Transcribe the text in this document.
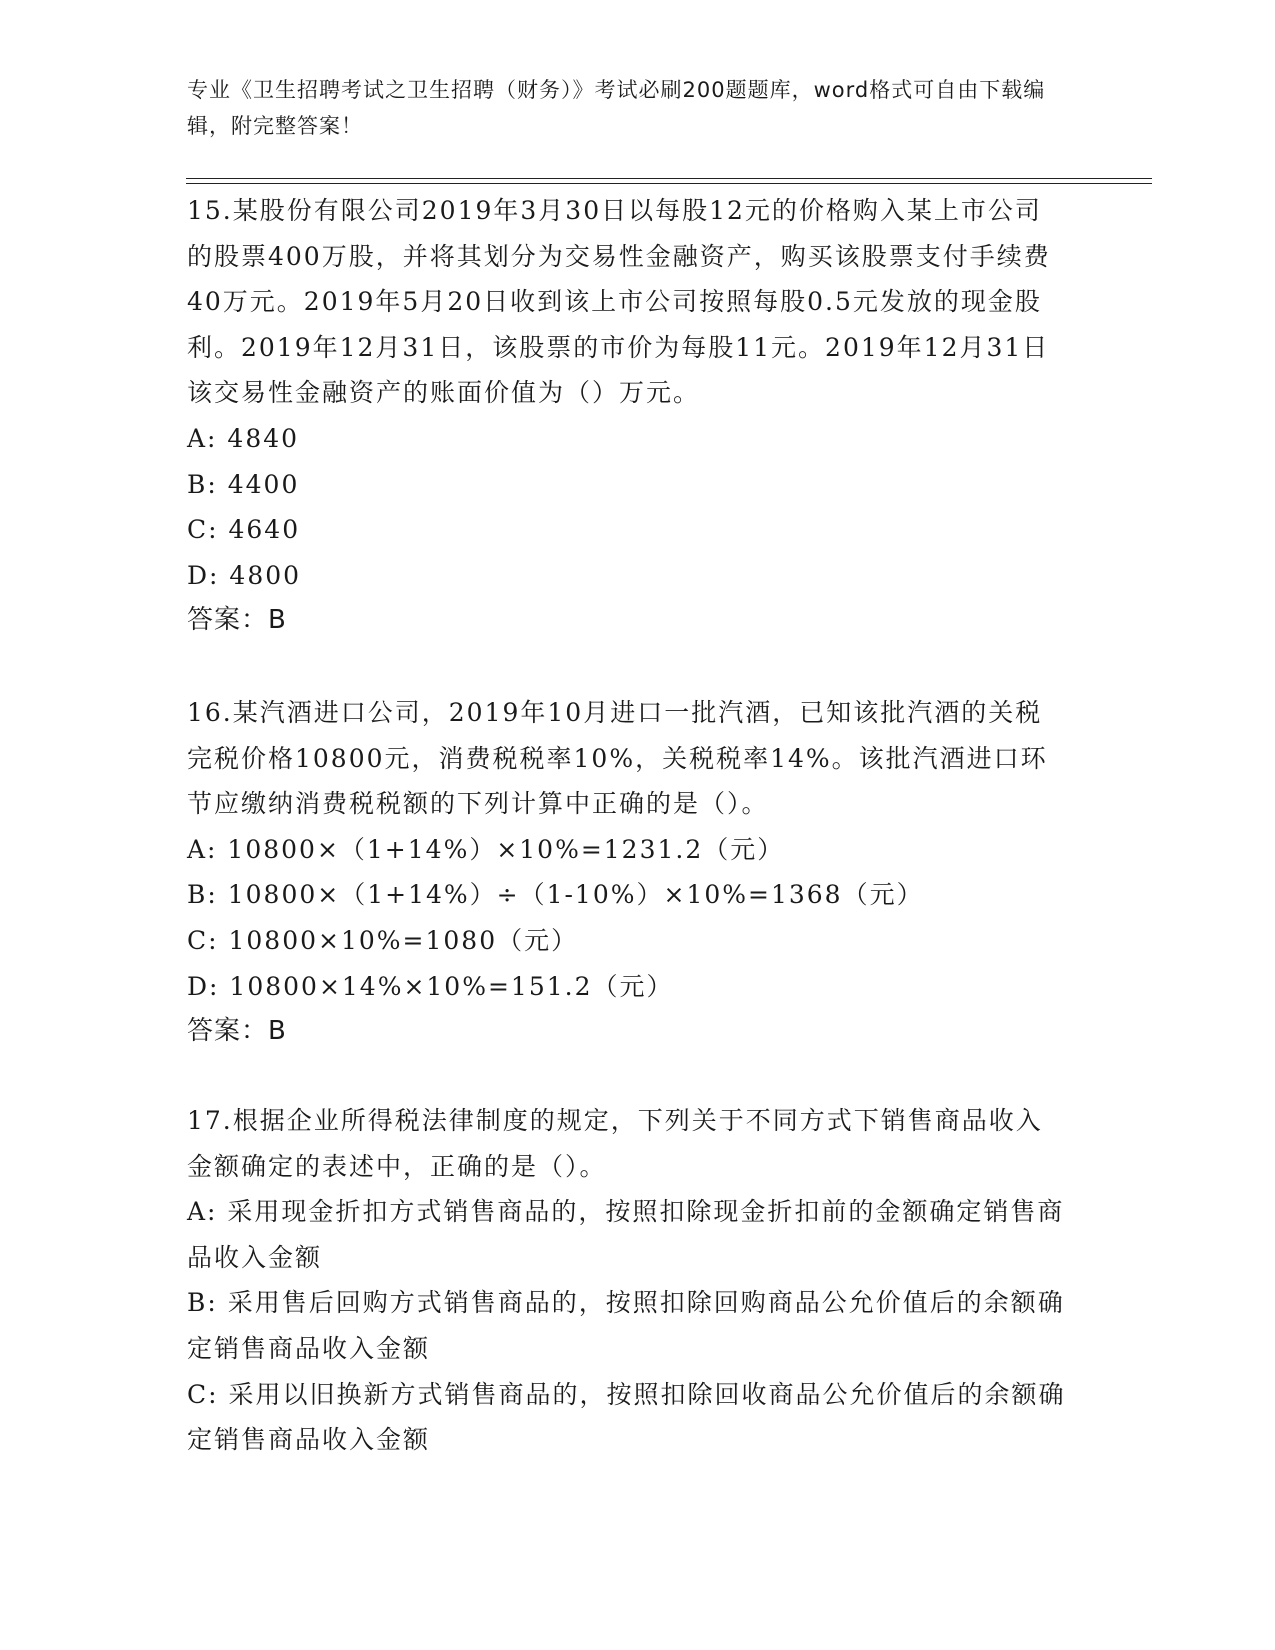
专业《卫生招聘考试之卫生招聘（财务）》考试必刷200题题库，word格式可自由下载编辑，附完整答案！

15.某股份有限公司2019年3月30日以每股12元的价格购入某上市公司的股票400万股，并将其划分为交易性金融资产，购买该股票支付手续费40万元。2019年5月20日收到该上市公司按照每股0.5元发放的现金股利。2019年12月31日，该股票的市价为每股11元。2019年12月31日该交易性金融资产的账面价值为（）万元。

A: 4840

B: 4400

C: 4640

D: 4800

答案：B

16.某汽酒进口公司，2019年10月进口一批汽酒，已知该批汽酒的关税完税价格10800元，消费税税率10%，关税税率14%。该批汽酒进口环节应缴纳消费税税额的下列计算中正确的是（）。

A: 10800×（1+14%）×10%=1231.2（元）

B: 10800×（1+14%）÷（1-10%）×10%=1368（元）

C: 10800×10%=1080（元）

D: 10800×14%×10%=151.2（元）

答案：B

17.根据企业所得税法律制度的规定，下列关于不同方式下销售商品收入金额确定的表述中，正确的是（）。

A: 采用现金折扣方式销售商品的，按照扣除现金折扣前的金额确定销售商品收入金额

B: 采用售后回购方式销售商品的，按照扣除回购商品公允价值后的余额确定销售商品收入金额

C: 采用以旧换新方式销售商品的，按照扣除回收商品公允价值后的余额确定销售商品收入金额
